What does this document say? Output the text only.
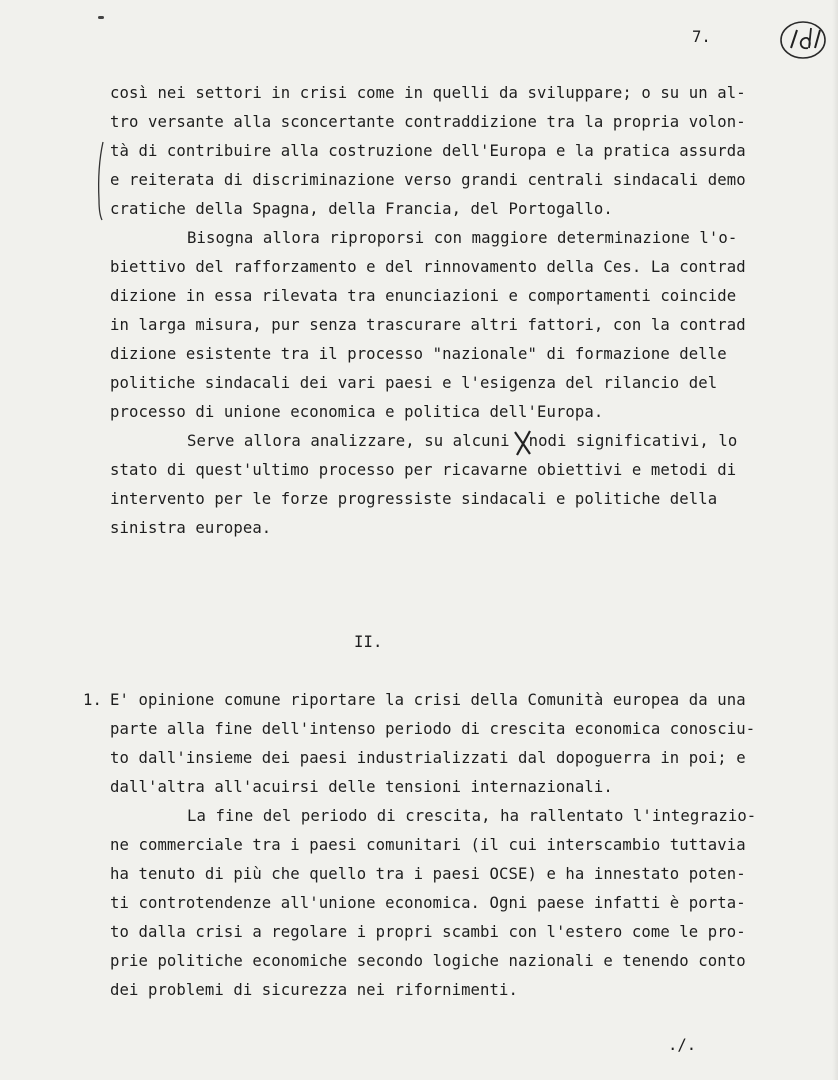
7.
così nei settori in crisi come in quelli da sviluppare; o su un al-
tro versante alla sconcertante contraddizione tra la propria volon-
tà di contribuire alla costruzione dell'Europa e la pratica assurda
e reiterata di discriminazione verso grandi centrali sindacali demo
cratiche della Spagna, della Francia, del Portogallo.
Bisogna allora riproporsi con maggiore determinazione l'o-
biettivo del rafforzamento e del rinnovamento della Ces. La contrad
dizione in essa rilevata tra enunciazioni e comportamenti coincide
in larga misura, pur senza trascurare altri fattori, con la contrad
dizione esistente tra il processo "nazionale" di formazione delle
politiche sindacali dei vari paesi e l'esigenza del rilancio del
processo di unione economica e politica dell'Europa.
Serve allora analizzare, su alcuni  nodi significativi, lo
stato di quest'ultimo processo per ricavarne obiettivi e metodi di
intervento per le forze progressiste sindacali e politiche della
sinistra europea.
II.
1. E' opinione comune riportare la crisi della Comunità europea da una
parte alla fine dell'intenso periodo di crescita economica conosciu-
to dall'insieme dei paesi industrializzati dal dopoguerra in poi; e
dall'altra all'acuirsi delle tensioni internazionali.
La fine del periodo di crescita, ha rallentato l'integrazio-
ne commerciale tra i paesi comunitari (il cui interscambio tuttavia
ha tenuto di più che quello tra i paesi OCSE) e ha innestato poten-
ti controtendenze all'unione economica. Ogni paese infatti è porta-
to dalla crisi a regolare i propri scambi con l'estero come le pro-
prie politiche economiche secondo logiche nazionali e tenendo conto
dei problemi di sicurezza nei rifornimenti.
./.
